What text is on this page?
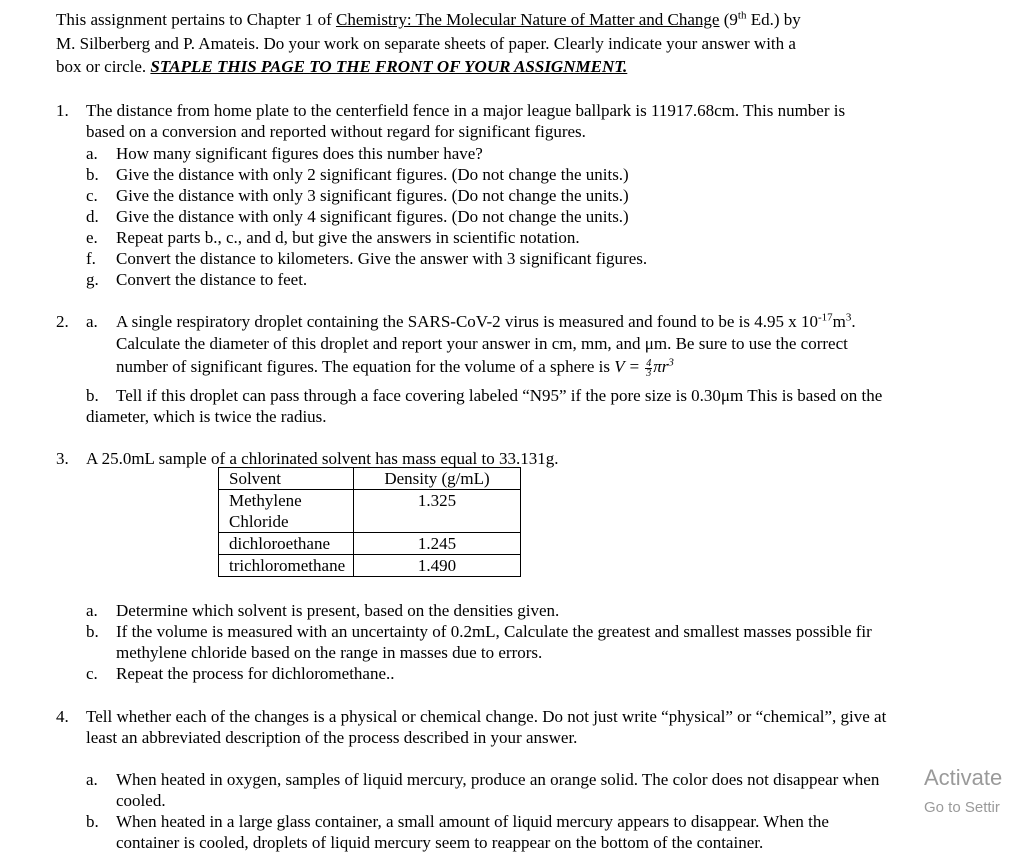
This assignment pertains to Chapter 1 of Chemistry: The Molecular Nature of Matter and Change (9th Ed.) by
M. Silberberg and P. Amateis. Do your work on separate sheets of paper. Clearly indicate your answer with a
box or circle. STAPLE THIS PAGE TO THE FRONT OF YOUR ASSIGNMENT.
1. The distance from home plate to the centerfield fence in a major league ballpark is 11917.68cm. This number is
based on a conversion and reported without regard for significant figures.
a. How many significant figures does this number have?
b. Give the distance with only 2 significant figures. (Do not change the units.)
c. Give the distance with only 3 significant figures. (Do not change the units.)
d. Give the distance with only 4 significant figures. (Do not change the units.)
e. Repeat parts b., c., and d, but give the answers in scientific notation.
f. Convert the distance to kilometers. Give the answer with 3 significant figures.
g. Convert the distance to feet.
2. a. A single respiratory droplet containing the SARS-CoV-2 virus is measured and found to be is 4.95 x $10^{-17}m^3$.
Calculate the diameter of this droplet and report your answer in cm, mm, and μm. Be sure to use the correct
number of significant figures. The equation for the volume of a sphere is $V = \frac{4}{3} \pi r^3$
b. Tell if this droplet can pass through a face covering labeled “N95” if the pore size is 0.30μm This is based on the
diameter, which is twice the radius.
3. A 25.0mL sample of a chlorinated solvent has mass equal to 33.131g.
Solvent	Density (g/mL)
Methylene Chloride	1.325
dichloroethane	1.245
trichloromethane	1.490
a. Determine which solvent is present, based on the densities given.
b. If the volume is measured with an uncertainty of 0.2mL, Calculate the greatest and smallest masses possible fir
methylene chloride based on the range in masses due to errors.
c. Repeat the process for dichloromethane..
4. Tell whether each of the changes is a physical or chemical change. Do not just write “physical” or “chemical”, give at
least an abbreviated description of the process described in your answer.
a. When heated in oxygen, samples of liquid mercury, produce an orange solid. The color does not disappear when
cooled.
b. When heated in a large glass container, a small amount of liquid mercury appears to disappear. When the
container is cooled, droplets of liquid mercury seem to reappear on the bottom of the container.
Activate
Go to Settir
